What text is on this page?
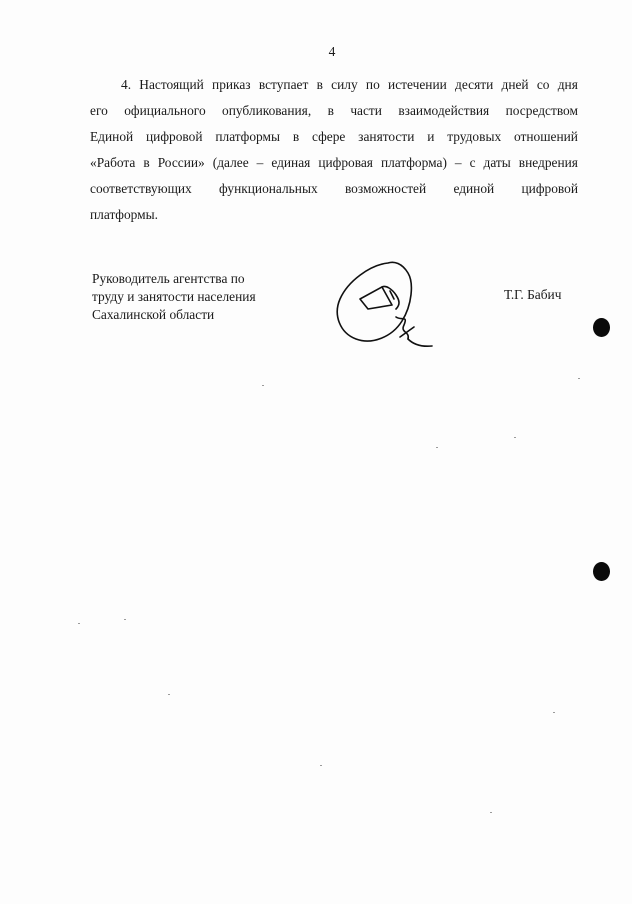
4
4. Настоящий приказ вступает в силу по истечении десяти дней со дня
его официального опубликования, в части взаимодействия посредством
Единой цифровой платформы в сфере занятости и трудовых отношений
«Работа в России» (далее – единая цифровая платформа) – с даты внедрения
соответствующих функциональных возможностей единой цифровой
платформы.
Руководитель агентства по
труду и занятости населения
Сахалинской области
Т.Г. Бабич
